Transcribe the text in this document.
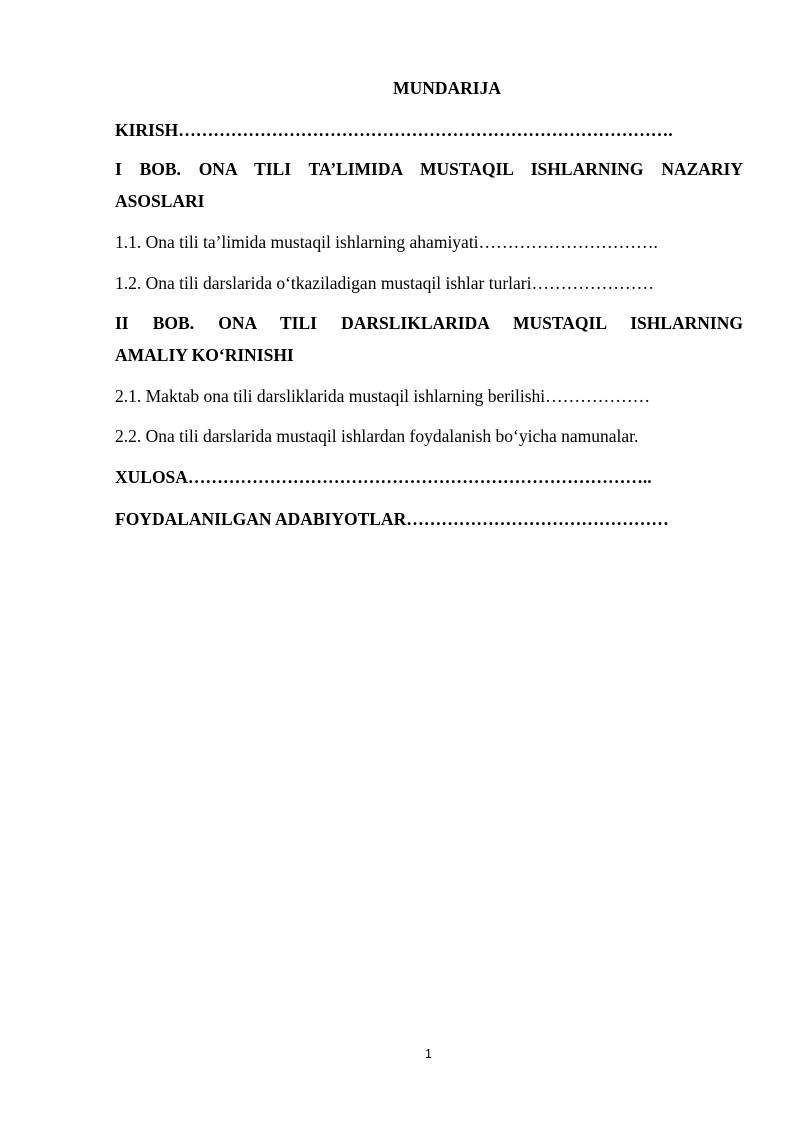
MUNDARIJA

KIRISH………………………………………………………………………….

I BOB. ONA TILI TA’LIMIDA MUSTAQIL ISHLARNING NAZARIY
ASOSLARI

1.1. Ona tili ta’limida mustaqil ishlarning ahamiyati………………………….

1.2. Ona tili darslarida o‘tkaziladigan mustaqil ishlar turlari…………………

II BOB. ONA TILI DARSLIKLARIDA MUSTAQIL ISHLARNING
AMALIY KO‘RINISHI

2.1. Maktab ona tili darsliklarida mustaqil ishlarning berilishi………………

2.2. Ona tili darslarida mustaqil ishlardan foydalanish bo‘yicha namunalar.

XULOSA……………………………………………………………………..

FOYDALANILGAN ADABIYOTLAR………………………………………

1
